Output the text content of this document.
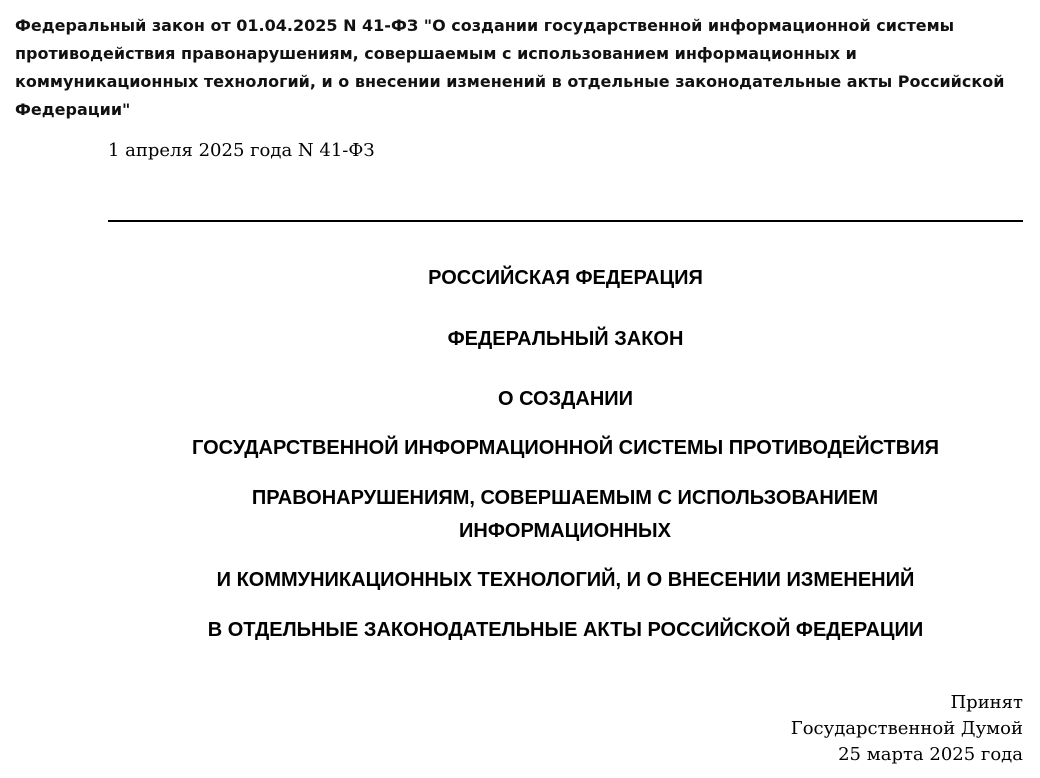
Федеральный закон от 01.04.2025 N 41-ФЗ "О создании государственной информационной системы противодействия правонарушениям, совершаемым с использованием информационных и коммуникационных технологий, и о внесении изменений в отдельные законодательные акты Российской Федерации"

1 апреля 2025 года N 41-ФЗ

РОССИЙСКАЯ ФЕДЕРАЦИЯ

ФЕДЕРАЛЬНЫЙ ЗАКОН

О СОЗДАНИИ

ГОСУДАРСТВЕННОЙ ИНФОРМАЦИОННОЙ СИСТЕМЫ ПРОТИВОДЕЙСТВИЯ

ПРАВОНАРУШЕНИЯМ, СОВЕРШАЕМЫМ С ИСПОЛЬЗОВАНИЕМ ИНФОРМАЦИОННЫХ

И КОММУНИКАЦИОННЫХ ТЕХНОЛОГИЙ, И О ВНЕСЕНИИ ИЗМЕНЕНИЙ

В ОТДЕЛЬНЫЕ ЗАКОНОДАТЕЛЬНЫЕ АКТЫ РОССИЙСКОЙ ФЕДЕРАЦИИ

Принят
Государственной Думой
25 марта 2025 года
